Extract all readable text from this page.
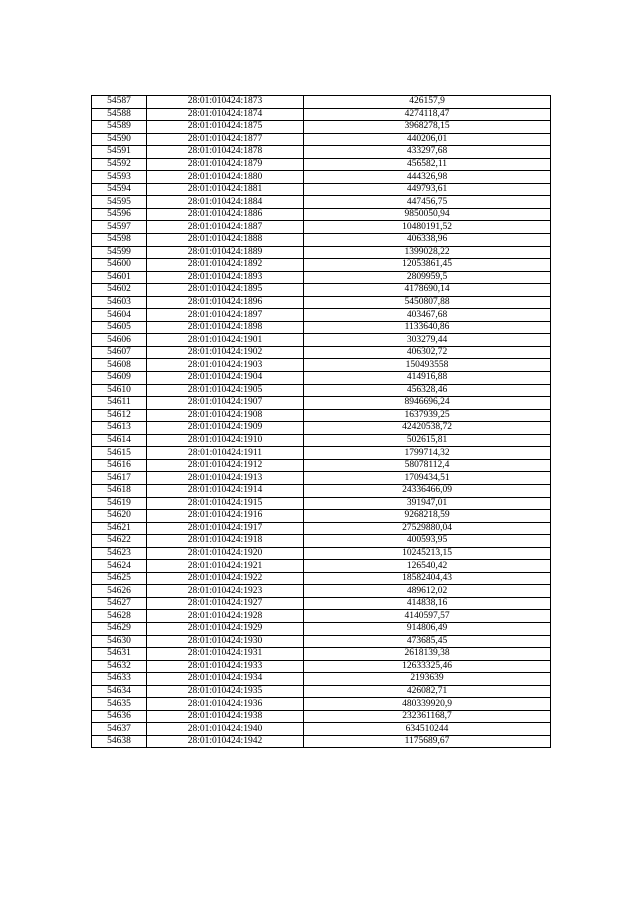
54587	28:01:010424:1873	426157,9
54588	28:01:010424:1874	4274118,47
54589	28:01:010424:1875	3968278,15
54590	28:01:010424:1877	440206,01
54591	28:01:010424:1878	433297,68
54592	28:01:010424:1879	456582,11
54593	28:01:010424:1880	444326,98
54594	28:01:010424:1881	449793,61
54595	28:01:010424:1884	447456,75
54596	28:01:010424:1886	9850050,94
54597	28:01:010424:1887	10480191,52
54598	28:01:010424:1888	406338,96
54599	28:01:010424:1889	1399028,22
54600	28:01:010424:1892	12053861,45
54601	28:01:010424:1893	2809959,5
54602	28:01:010424:1895	4178690,14
54603	28:01:010424:1896	5450807,88
54604	28:01:010424:1897	403467,68
54605	28:01:010424:1898	1133640,86
54606	28:01:010424:1901	303279,44
54607	28:01:010424:1902	406302,72
54608	28:01:010424:1903	150493558
54609	28:01:010424:1904	414916,88
54610	28:01:010424:1905	456328,46
54611	28:01:010424:1907	8946696,24
54612	28:01:010424:1908	1637939,25
54613	28:01:010424:1909	42420538,72
54614	28:01:010424:1910	502615,81
54615	28:01:010424:1911	1799714,32
54616	28:01:010424:1912	58078112,4
54617	28:01:010424:1913	1709434,51
54618	28:01:010424:1914	24336466,09
54619	28:01:010424:1915	391947,01
54620	28:01:010424:1916	9268218,59
54621	28:01:010424:1917	27529880,04
54622	28:01:010424:1918	400593,95
54623	28:01:010424:1920	10245213,15
54624	28:01:010424:1921	126540,42
54625	28:01:010424:1922	18582404,43
54626	28:01:010424:1923	489612,02
54627	28:01:010424:1927	414838,16
54628	28:01:010424:1928	4140597,57
54629	28:01:010424:1929	914806,49
54630	28:01:010424:1930	473685,45
54631	28:01:010424:1931	2618139,38
54632	28:01:010424:1933	12633325,46
54633	28:01:010424:1934	2193639
54634	28:01:010424:1935	426082,71
54635	28:01:010424:1936	480339920,9
54636	28:01:010424:1938	232361168,7
54637	28:01:010424:1940	634510244
54638	28:01:010424:1942	1175689,67
